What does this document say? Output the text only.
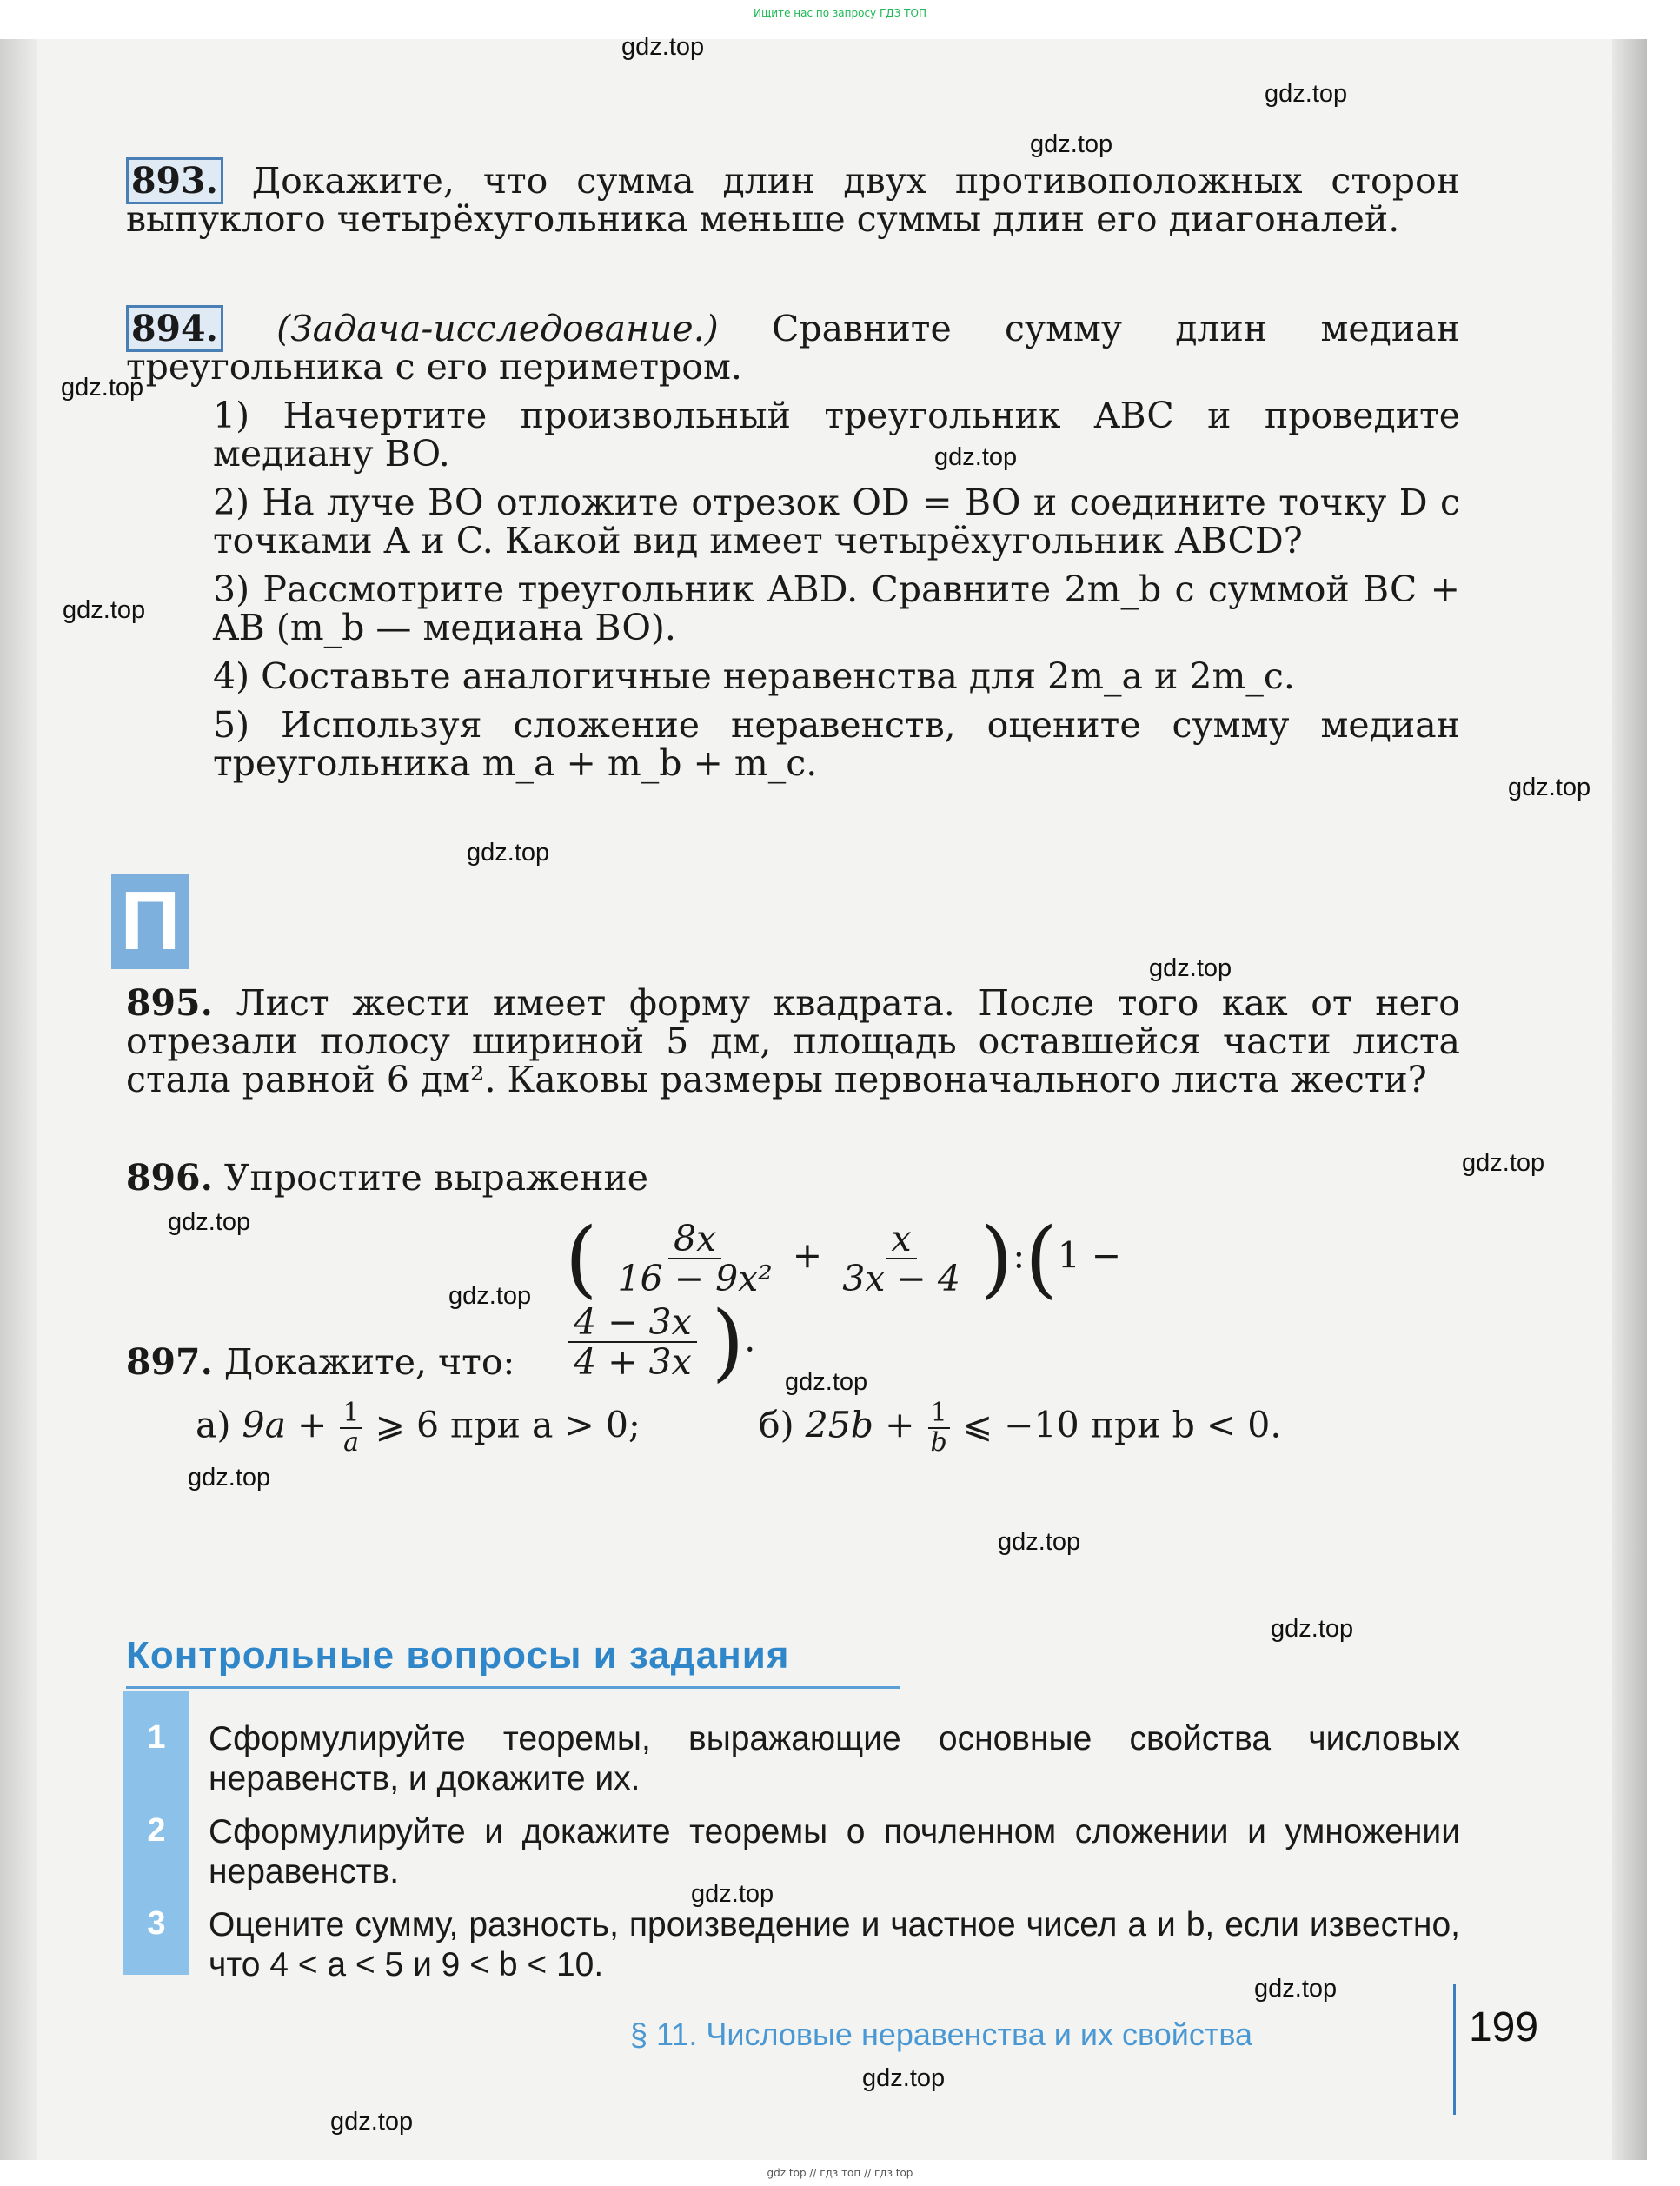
Ищите нас по запросу ГДЗ ТОП
gdz.top
gdz.top
gdz.top
gdz.top
gdz.top
gdz.top
gdz.top
gdz.top
gdz.top
gdz.top
gdz.top
gdz.top
gdz.top
gdz.top
gdz.top
gdz.top
gdz.top
gdz.top
gdz.top
gdz.top
893. Докажите, что сумма длин двух противоположных сторон выпуклого четырёхугольника меньше суммы длин его диагоналей.
894. (Задача-исследование.) Сравните сумму длин медиан треугольника с его периметром.
1) Начертите произвольный треугольник ABC и проведите медиану BO.
2) На луче BO отложите отрезок OD = BO и соедините точку D с точками A и C. Какой вид имеет четырёхугольник ABCD?
3) Рассмотрите треугольник ABD. Сравните 2m_b с суммой BC + AB (m_b — медиана BO).
4) Составьте аналогичные неравенства для 2m_a и 2m_c.
5) Используя сложение неравенств, оцените сумму медиан треугольника m_a + m_b + m_c.
П
895. Лист жести имеет форму квадрата. После того как от него отрезали полосу шириной 5 дм, площадь оставшейся части листа стала равной 6 дм². Каковы размеры первоначального листа жести?
896. Упростите выражение
( $\frac{8x}{\text{16 − 9x²}} + \frac{x}{3x - 4}$ ):(1 −
$\frac{4 - 3x}{4 + 3x}$ ).
897. Докажите, что:
а) $9a + \frac{1}{a}$ ⩾ 6 при a > 0;	б) $25b + \frac{1}{b}$ ⩽ −10 при b < 0.
Контрольные вопросы и задания
1	Сформулируйте теоремы, выражающие основные свойства числовых неравенств, и докажите их.
2	Сформулируйте и докажите теоремы о почленном сложении и умножении неравенств.
3	Оцените сумму, разность, произведение и частное чисел a и b, если известно, что 4 < a < 5 и 9 < b < 10.
§ 11. Числовые неравенства и их свойства	199
gdz top // гдз топ // гдз top
